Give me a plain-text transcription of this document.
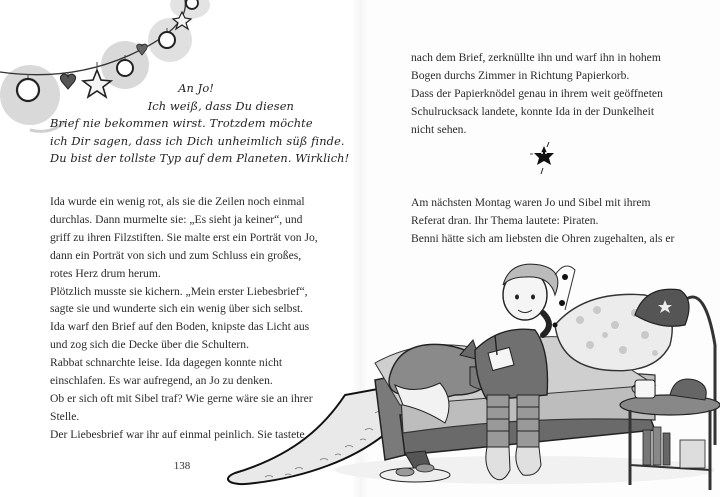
An Jo!
Ich weiß, dass Du diesen
Brief nie bekommen wirst. Trotzdem möchte
ich Dir sagen, dass ich Dich unheimlich süß finde.
Du bist der tollste Typ auf dem Planeten. Wirklich!
Ida wurde ein wenig rot, als sie die Zeilen noch einmal
durchlas. Dann murmelte sie: „Es sieht ja keiner“, und
griff zu ihren Filzstiften. Sie malte erst ein Porträt von Jo,
dann ein Porträt von sich und zum Schluss ein großes,
rotes Herz drum herum.
Plötzlich musste sie kichern. „Mein erster Liebesbrief“,
sagte sie und wunderte sich ein wenig über sich selbst.
Ida warf den Brief auf den Boden, knipste das Licht aus
und zog sich die Decke über die Schultern.
Rabbat schnarchte leise. Ida dagegen konnte nicht
einschlafen. Es war aufregend, an Jo zu denken.
Ob er sich oft mit Sibel traf? Wie gerne wäre sie an ihrer
Stelle.
Der Liebesbrief war ihr auf einmal peinlich. Sie tastete
138
nach dem Brief, zerknüllte ihn und warf ihn in hohem
Bogen durchs Zimmer in Richtung Papierkorb.
Dass der Papierknödel genau in ihrem weit geöffneten
Schulrucksack landete, konnte Ida in der Dunkelheit
nicht sehen.
Am nächsten Montag waren Jo und Sibel mit ihrem
Referat dran. Ihr Thema lautete: Piraten.
Benni hätte sich am liebsten die Ohren zugehalten, als er
